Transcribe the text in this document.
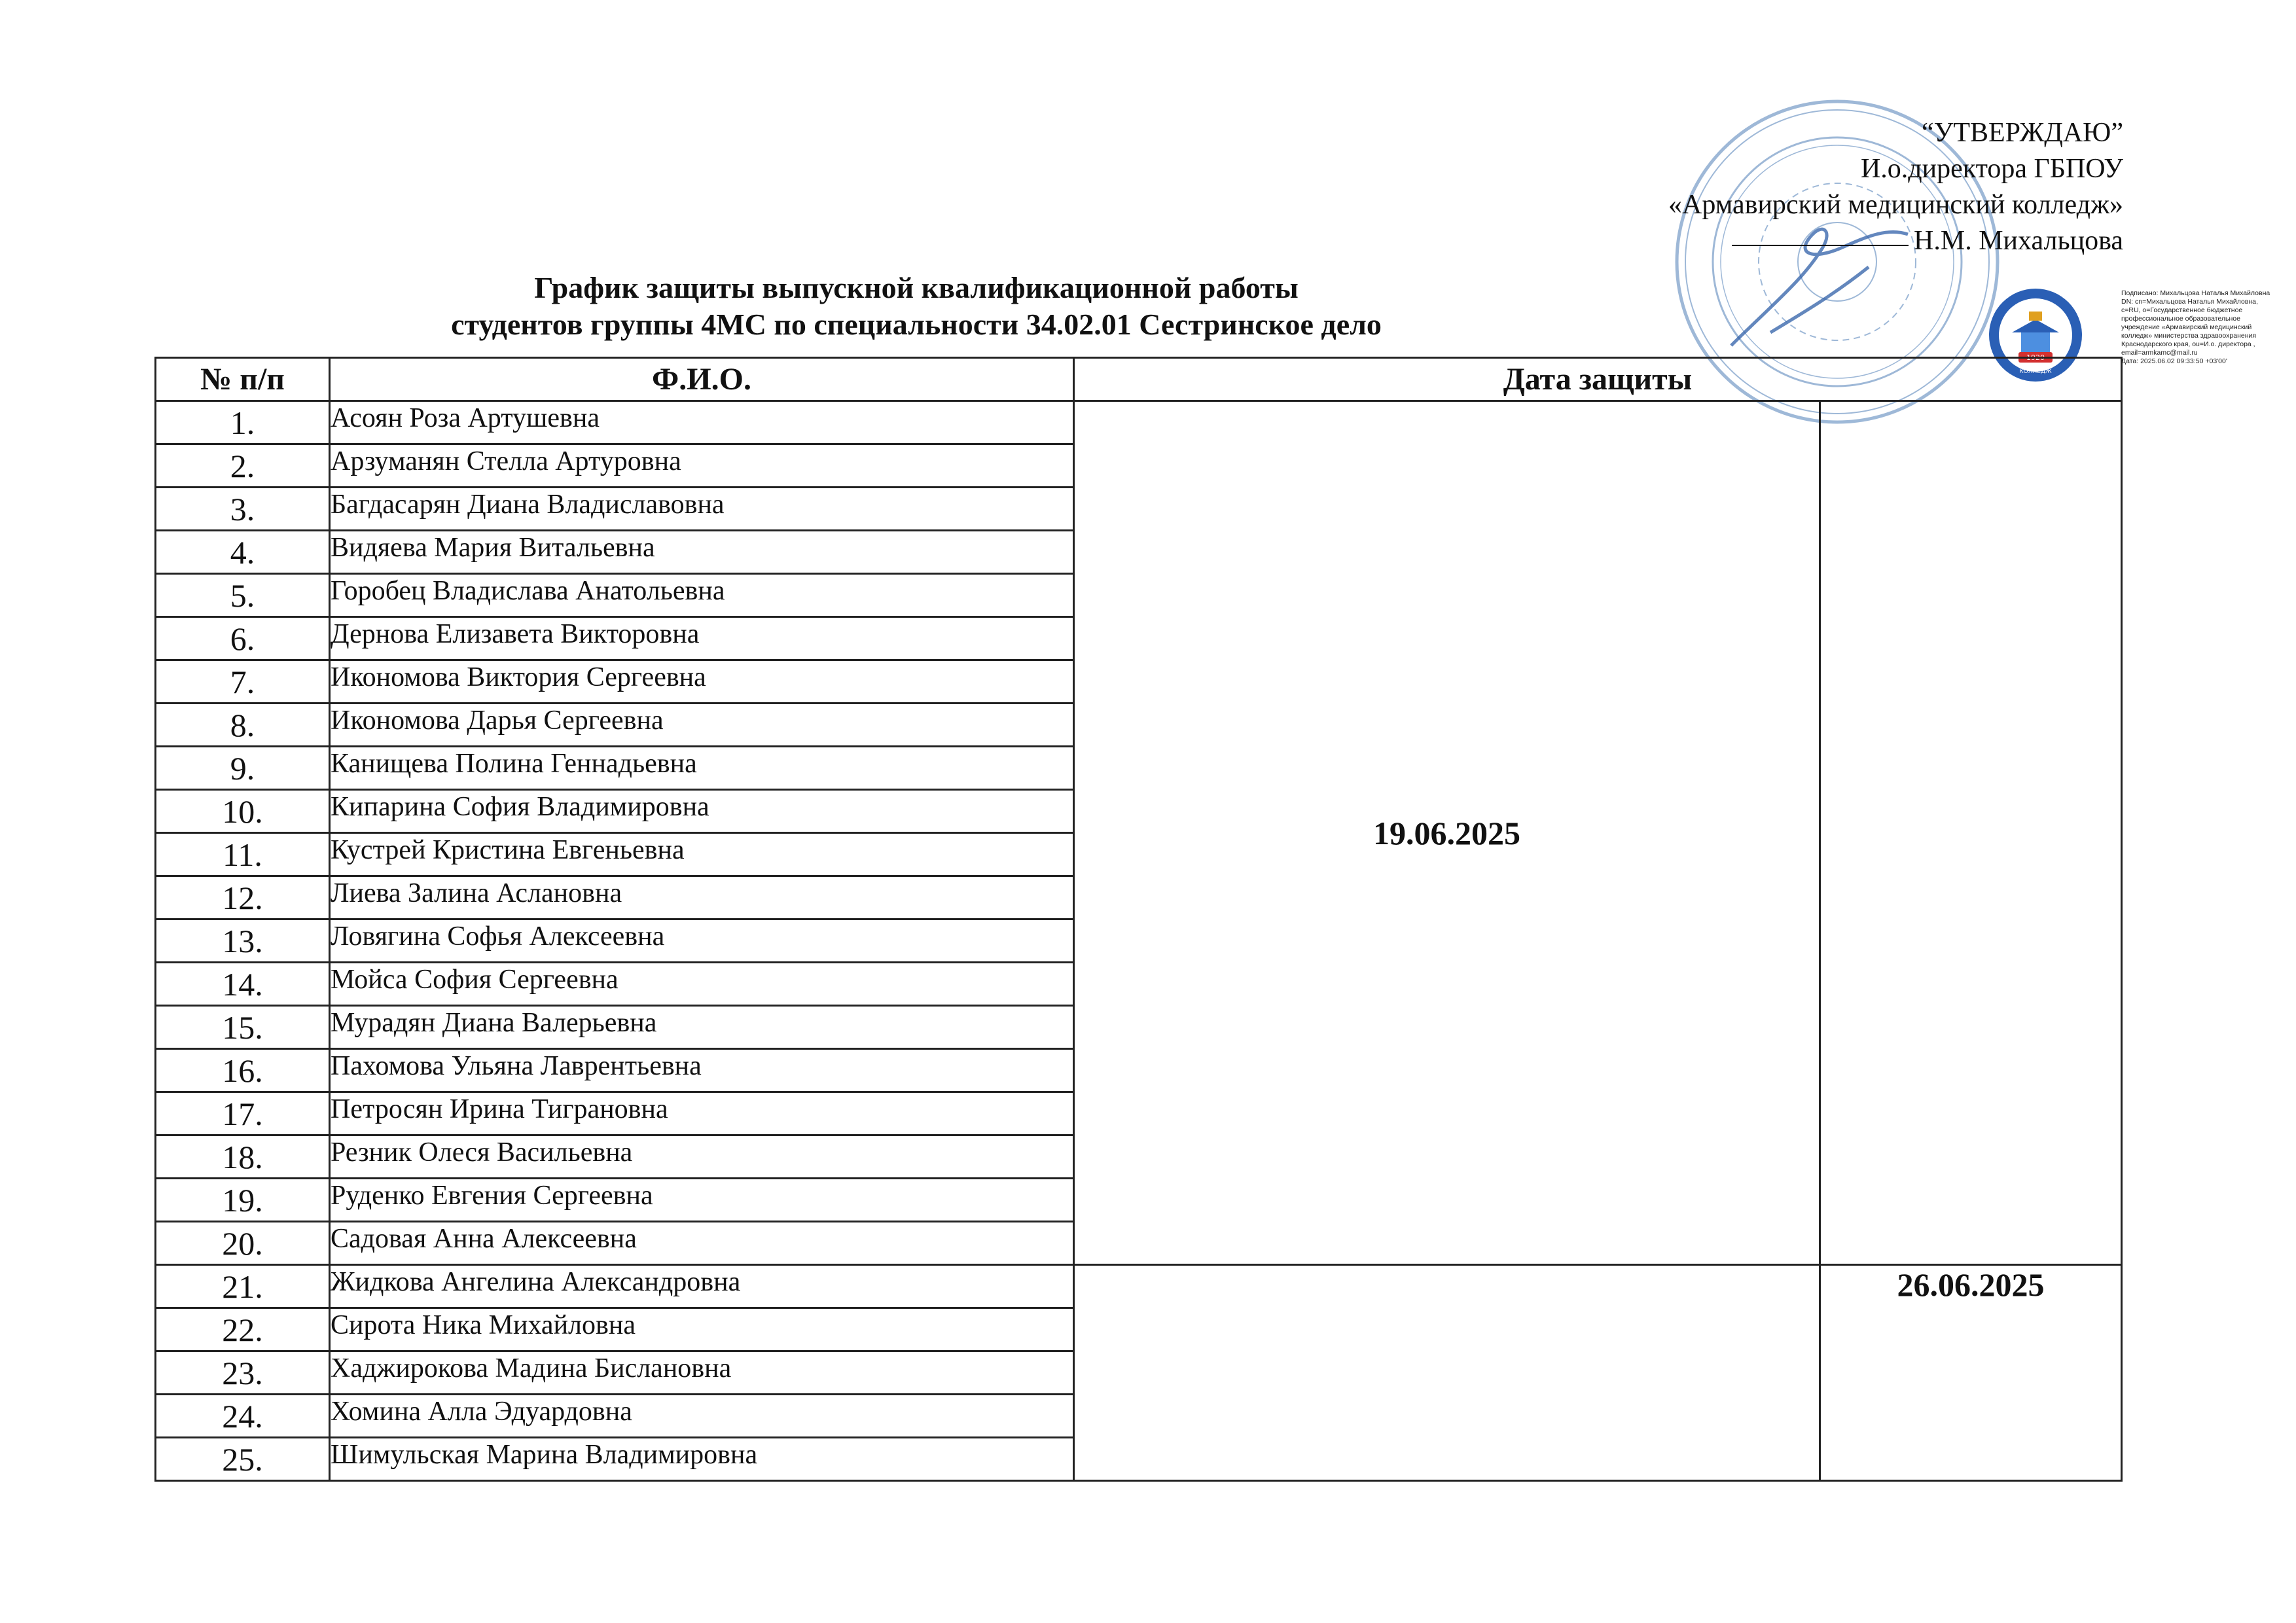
“УТВЕРЖДАЮ”
И.о.директора ГБПОУ
«Армавирский медицинский колледж»
Н.М. Михальцова
График защиты выпускной квалификационной работы
студентов группы 4МС по специальности 34.02.01 Сестринское дело
1920
КОЛЛЕДЖ
Подписано: Михальцова Наталья Михайловна
DN: cn=Михальцова Наталья Михайловна,
c=RU, o=Государственное бюджетное
профессиональное образовательное
учреждение «Армавирский медицинский
колледж» министерства здравоохранения
Краснодарского края, ou=И.о. директора ,
email=armkamc@mail.ru
Дата: 2025.06.02 09:33:50 +03'00'
№ п/п	Ф.И.О.	Дата защиты	
1.	Асоян Роза Артушевна	19.06.2025	
2.	Арзуманян Стелла Артуровна		
3.	Багдасарян Диана Владиславовна		
4.	Видяева Мария Витальевна		
5.	Горобец Владислава Анатольевна		
6.	Дернова Елизавета Викторовна		
7.	Икономова Виктория Сергеевна		
8.	Икономова Дарья Сергеевна		
9.	Канищева Полина Геннадьевна		
10.	Кипарина София Владимировна		
11.	Кустрей Кристина Евгеньевна		
12.	Лиева Залина Аслановна		
13.	Ловягина Софья Алексеевна		
14.	Мойса София Сергеевна		
15.	Мурадян Диана Валерьевна		
16.	Пахомова Ульяна Лаврентьевна		
17.	Петросян Ирина Тиграновна		
18.	Резник Олеся Васильевна		
19.	Руденко Евгения Сергеевна		
20.	Садовая Анна Алексеевна		
21.	Жидкова Ангелина Александровна		26.06.2025
22.	Сирота Ника Михайловна		
23.	Хаджирокова Мадина Бислановна		
24.	Хомина Алла Эдуардовна		
25.	Шимульская Марина Владимировна		
